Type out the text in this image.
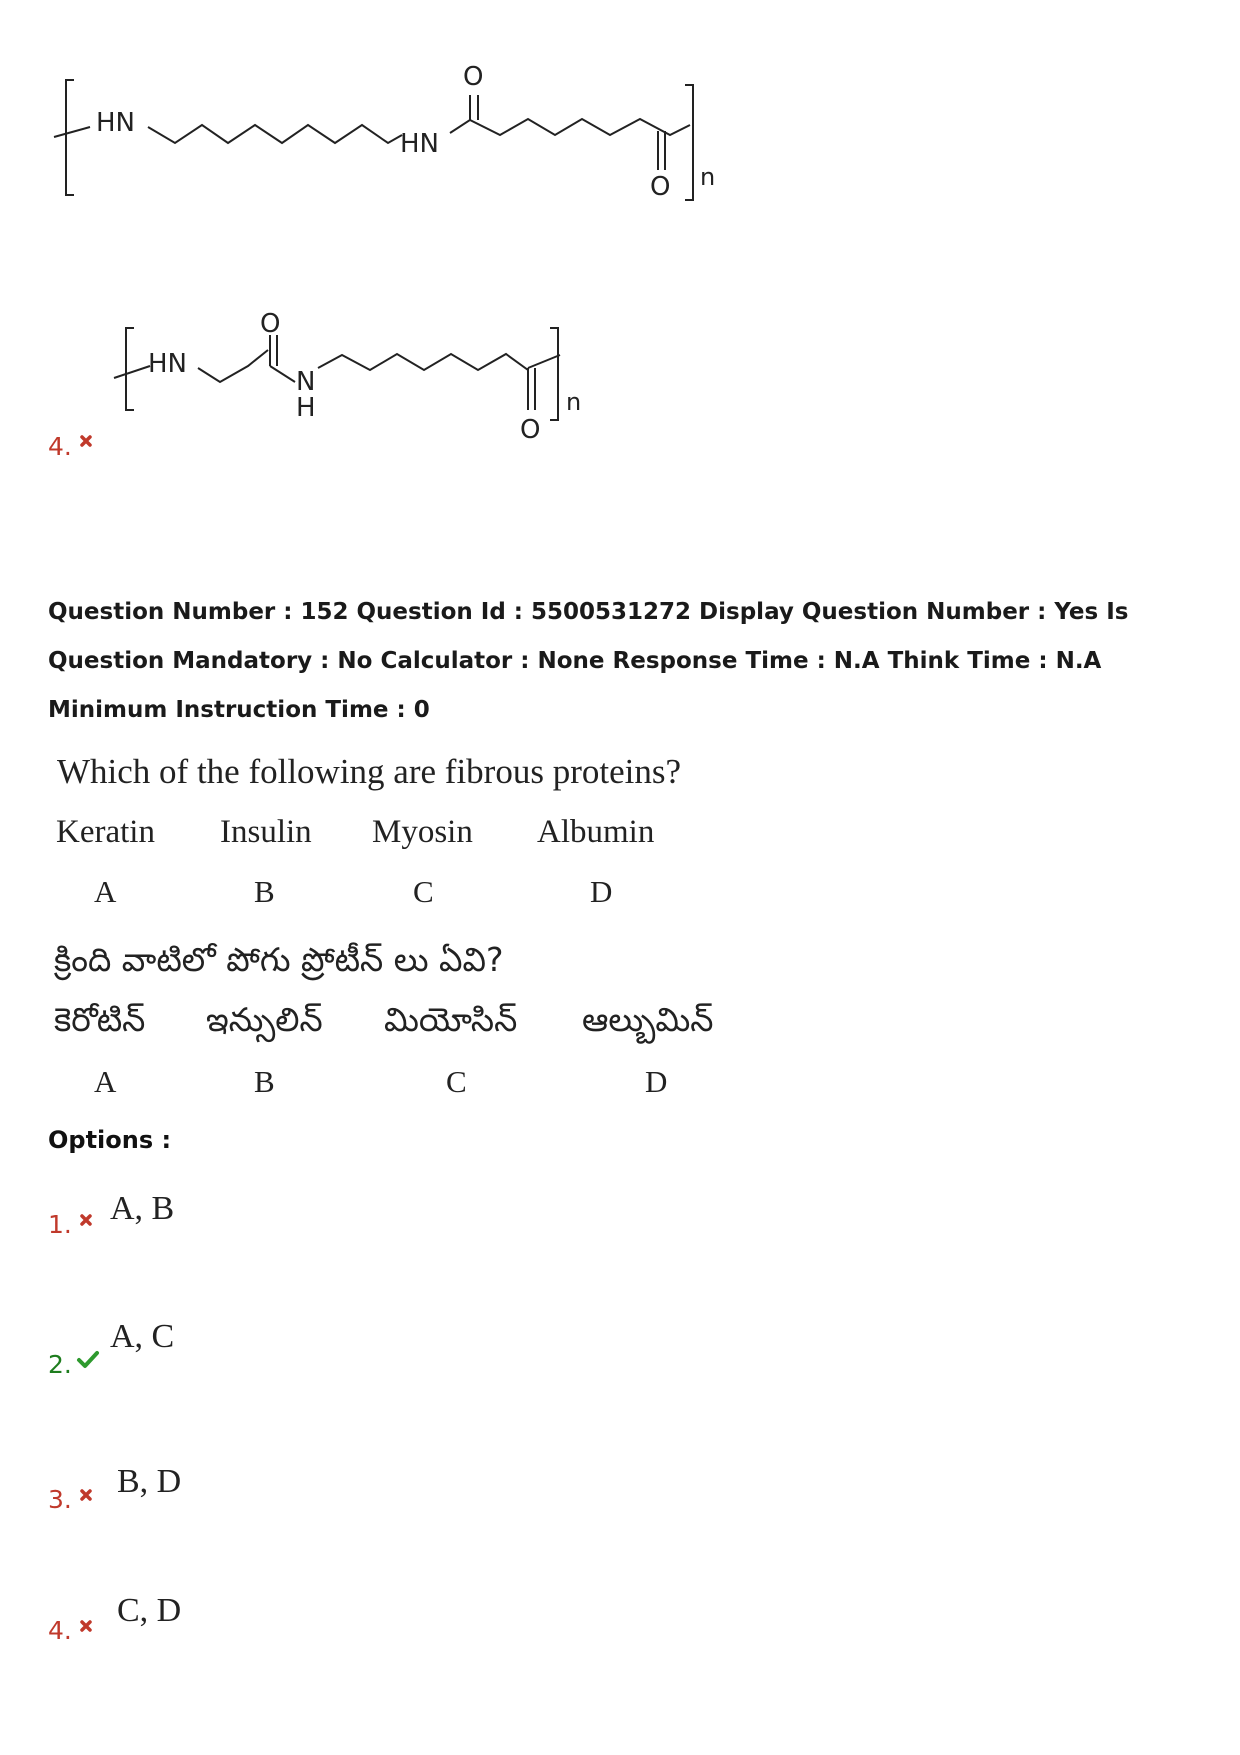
HN
HN
O
O n
HN
O
N
H
O
n
4.
Question Number : 152 Question Id : 5500531272 Display Question Number : Yes Is Question Mandatory : No Calculator : None Response Time : N.A Think Time : N.A Minimum Instruction Time : 0
Which of the following are fibrous proteins?
Keratin Insulin Myosin Albumin
A	B	C	D
క్రింది వాటిలో పోగు ప్రోటీన్ లు ఏవి?
కెరోటిన్ ఇన్సులిన్ మియోసిన్ ఆల్బుమిన్
A	B	C	D
Options :
1. A, B
2.
A, C
3. B, D
4.
C, D
